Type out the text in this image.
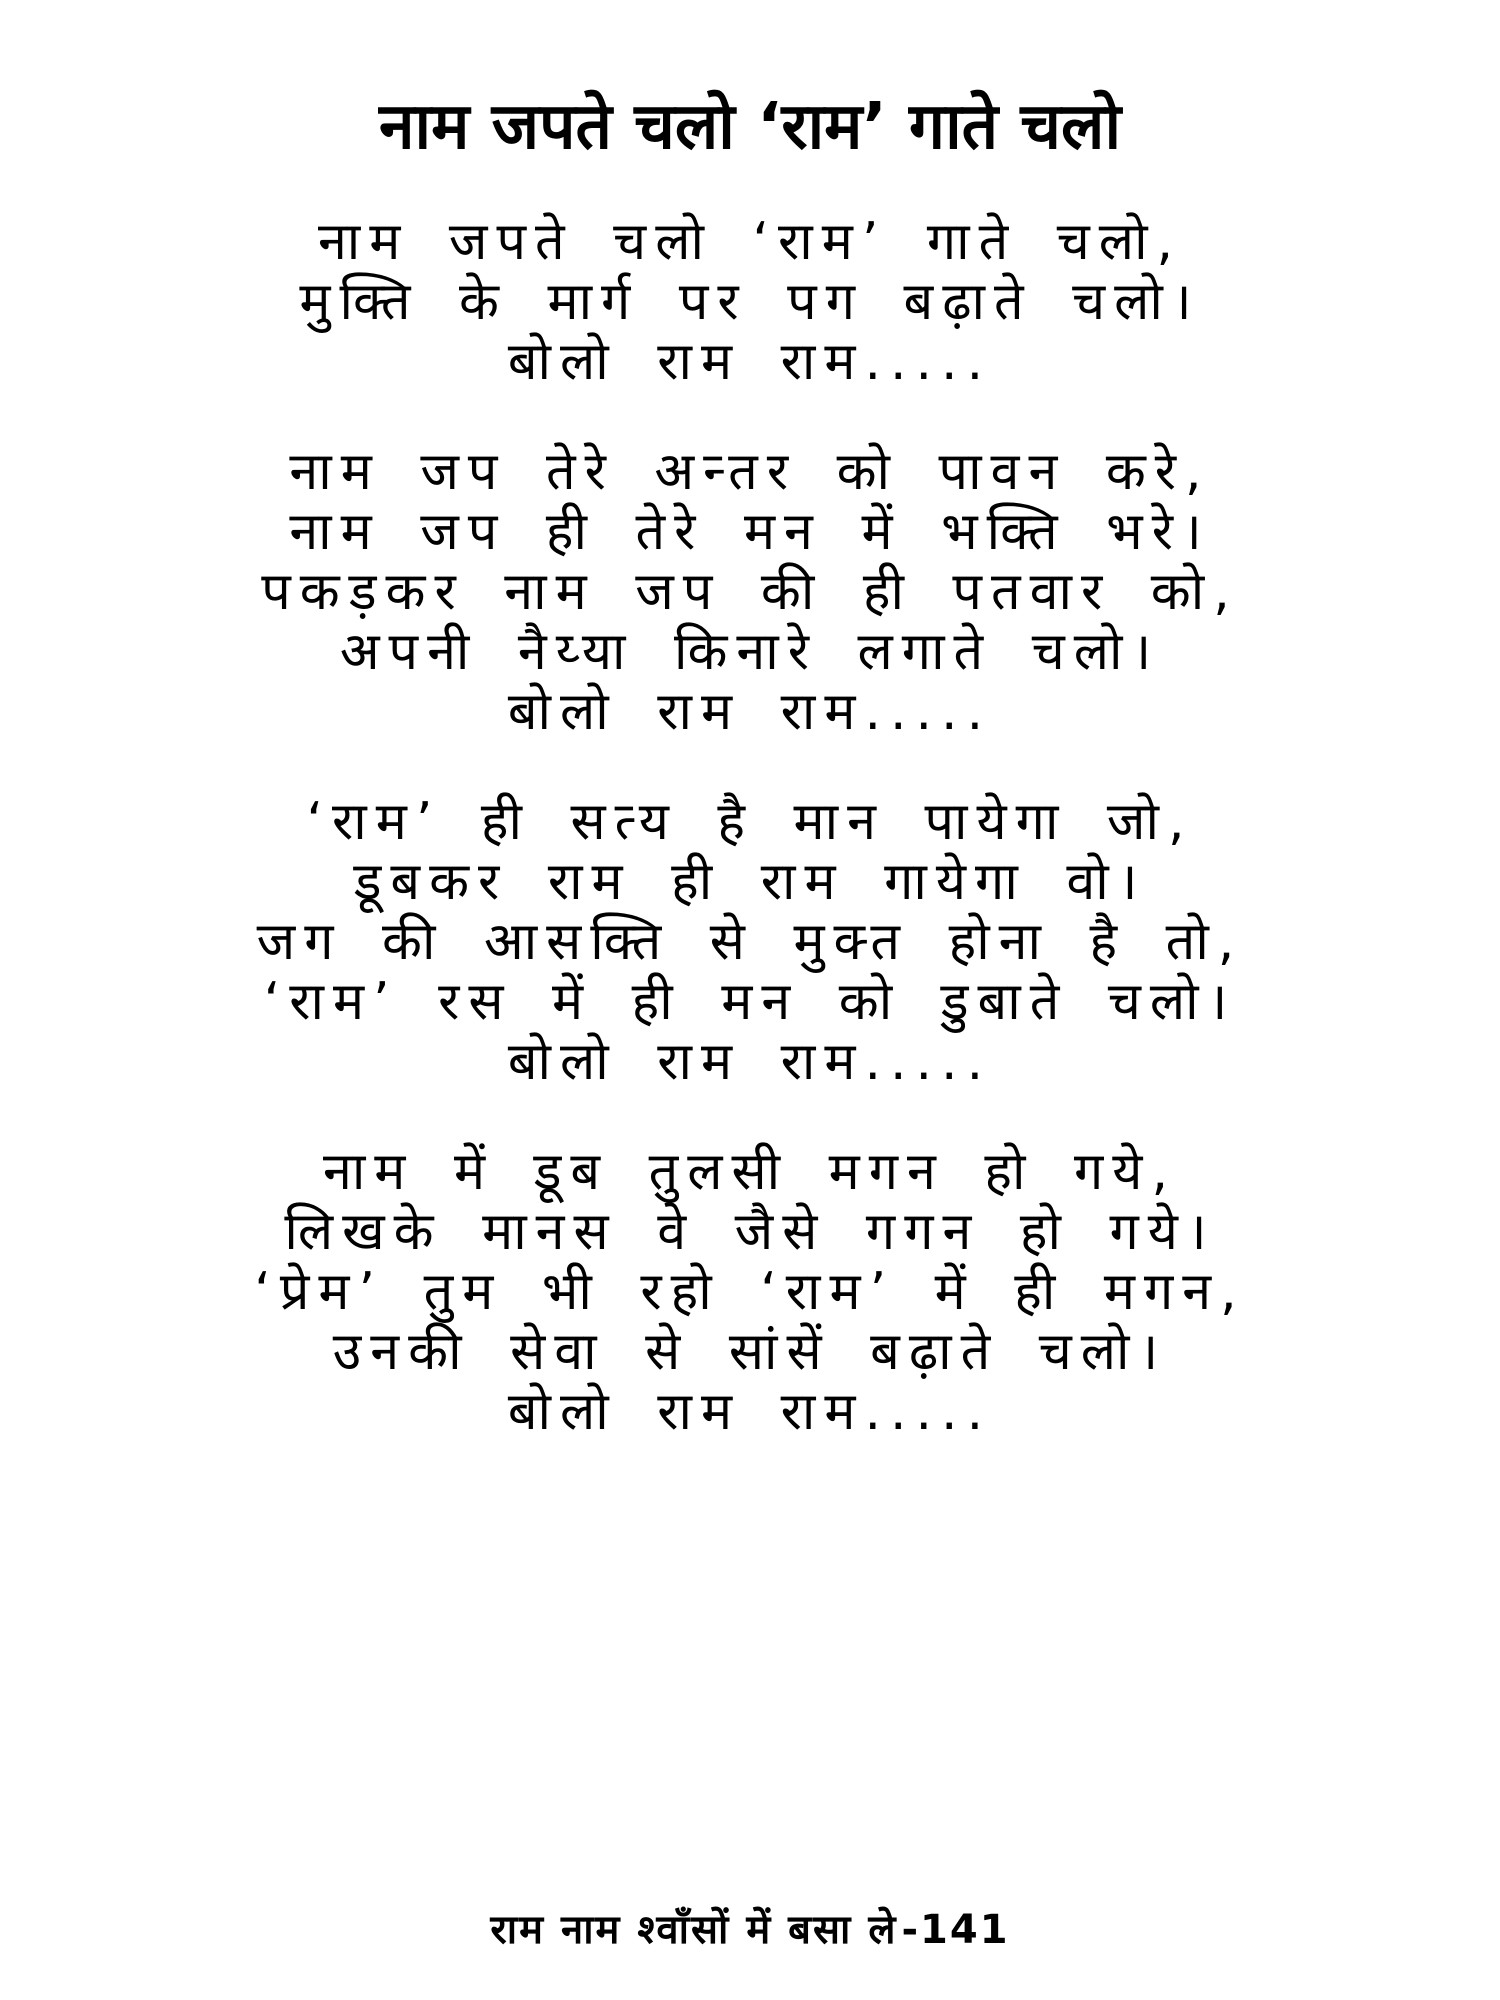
नाम जपते चलो ‘राम’ गाते चलो
नाम जपते चलो ‘राम’ गाते चलो,
मुक्ति के मार्ग पर पग बढ़ाते चलो।
बोलो राम राम.....
नाम जप तेरे अन्तर को पावन करे,
नाम जप ही तेरे मन में भक्ति भरे।
पकड़कर नाम जप की ही पतवार को,
अपनी नैय्या किनारे लगाते चलो।
बोलो राम राम.....
‘राम’ ही सत्य है मान पायेगा जो,
डूबकर राम ही राम गायेगा वो।
जग की आसक्ति से मुक्त होना है तो,
‘राम’ रस में ही मन को डुबाते चलो।
बोलो राम राम.....
नाम में डूब तुलसी मगन हो गये,
लिखके मानस वे जैसे गगन हो गये।
‘प्रेम’ तुम भी रहो ‘राम’ में ही मगन,
उनकी सेवा से सांसें बढ़ाते चलो।
बोलो राम राम.....
राम नाम श्वाँसों में बसा ले -141
